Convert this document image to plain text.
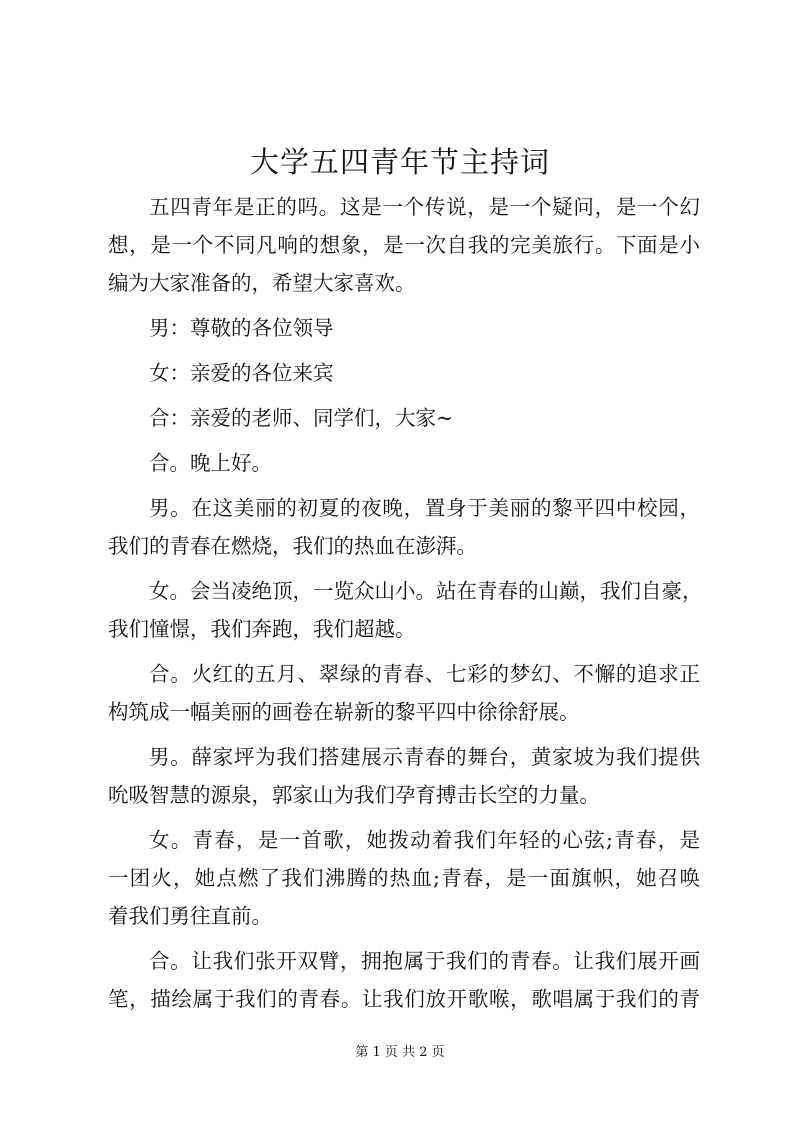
大学五四青年节主持词
五四青年是正的吗。这是一个传说，是一个疑问，是一个幻
想，是一个不同凡响的想象，是一次自我的完美旅行。下面是小
编为大家准备的，希望大家喜欢。
男：尊敬的各位领导
女：亲爱的各位来宾
合：亲爱的老师、同学们，大家~
合。晚上好。
男。在这美丽的初夏的夜晚，置身于美丽的黎平四中校园，
我们的青春在燃烧，我们的热血在澎湃。
女。会当凌绝顶，一览众山小。站在青春的山巅，我们自豪，
我们憧憬，我们奔跑，我们超越。
合。火红的五月、翠绿的青春、七彩的梦幻、不懈的追求正
构筑成一幅美丽的画卷在崭新的黎平四中徐徐舒展。
男。薛家坪为我们搭建展示青春的舞台，黄家坡为我们提供
吮吸智慧的源泉，郭家山为我们孕育搏击长空的力量。
女。青春，是一首歌，她拨动着我们年轻的心弦;青春，是
一团火，她点燃了我们沸腾的热血;青春，是一面旗帜，她召唤
着我们勇往直前。
合。让我们张开双臂，拥抱属于我们的青春。让我们展开画
笔，描绘属于我们的青春。让我们放开歌喉，歌唱属于我们的青
第 1 页 共 2 页
